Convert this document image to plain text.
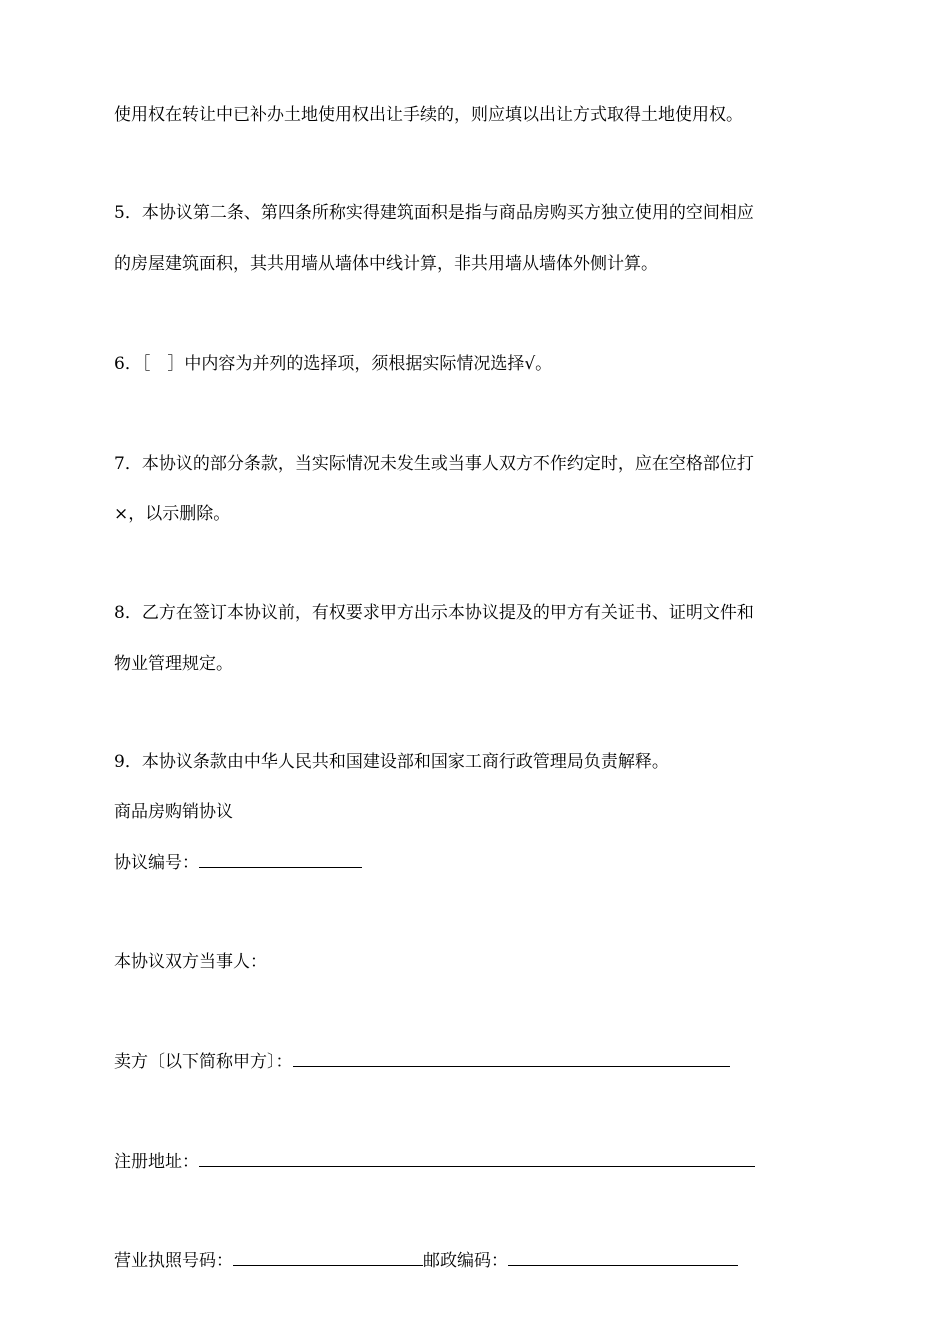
使用权在转让中已补办土地使用权出让手续的，则应填以出让方式取得土地使用权。
5．本协议第二条、第四条所称实得建筑面积是指与商品房购买方独立使用的空间相应
的房屋建筑面积，其共用墙从墙体中线计算，非共用墙从墙体外侧计算。
6．［　］中内容为并列的选择项，须根据实际情况选择√。
7．本协议的部分条款，当实际情况未发生或当事人双方不作约定时，应在空格部位打
×，以示删除。
8．乙方在签订本协议前，有权要求甲方出示本协议提及的甲方有关证书、证明文件和
物业管理规定。
9．本协议条款由中华人民共和国建设部和国家工商行政管理局负责解释。
商品房购销协议
协议编号：
本协议双方当事人：
卖方〔以下简称甲方〕：
注册地址：
营业执照号码：	邮政编码：
